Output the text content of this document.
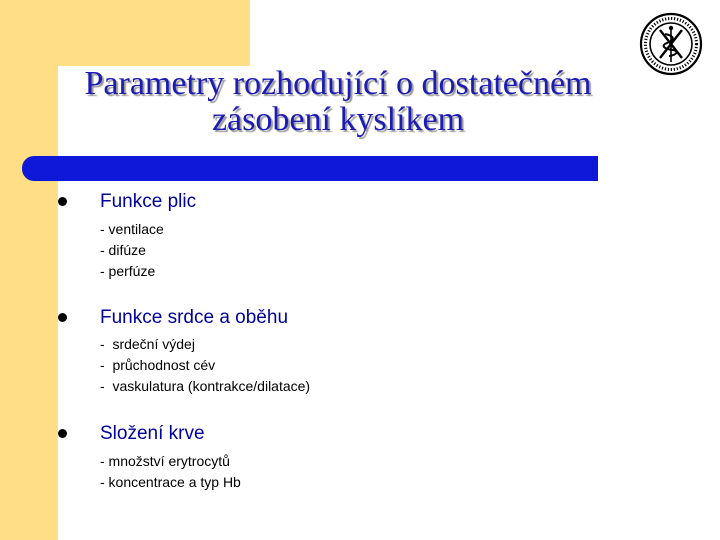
Parametry rozhodující o dostatečném
zásobení kyslíkem
Funkce plic
- ventilace
- difúze
- perfúze
Funkce srdce a oběhu
-  srdeční výdej
-  průchodnost cév
-  vaskulatura (kontrakce/dilatace)
Složení krve
- množství erytrocytů
- koncentrace a typ Hb
